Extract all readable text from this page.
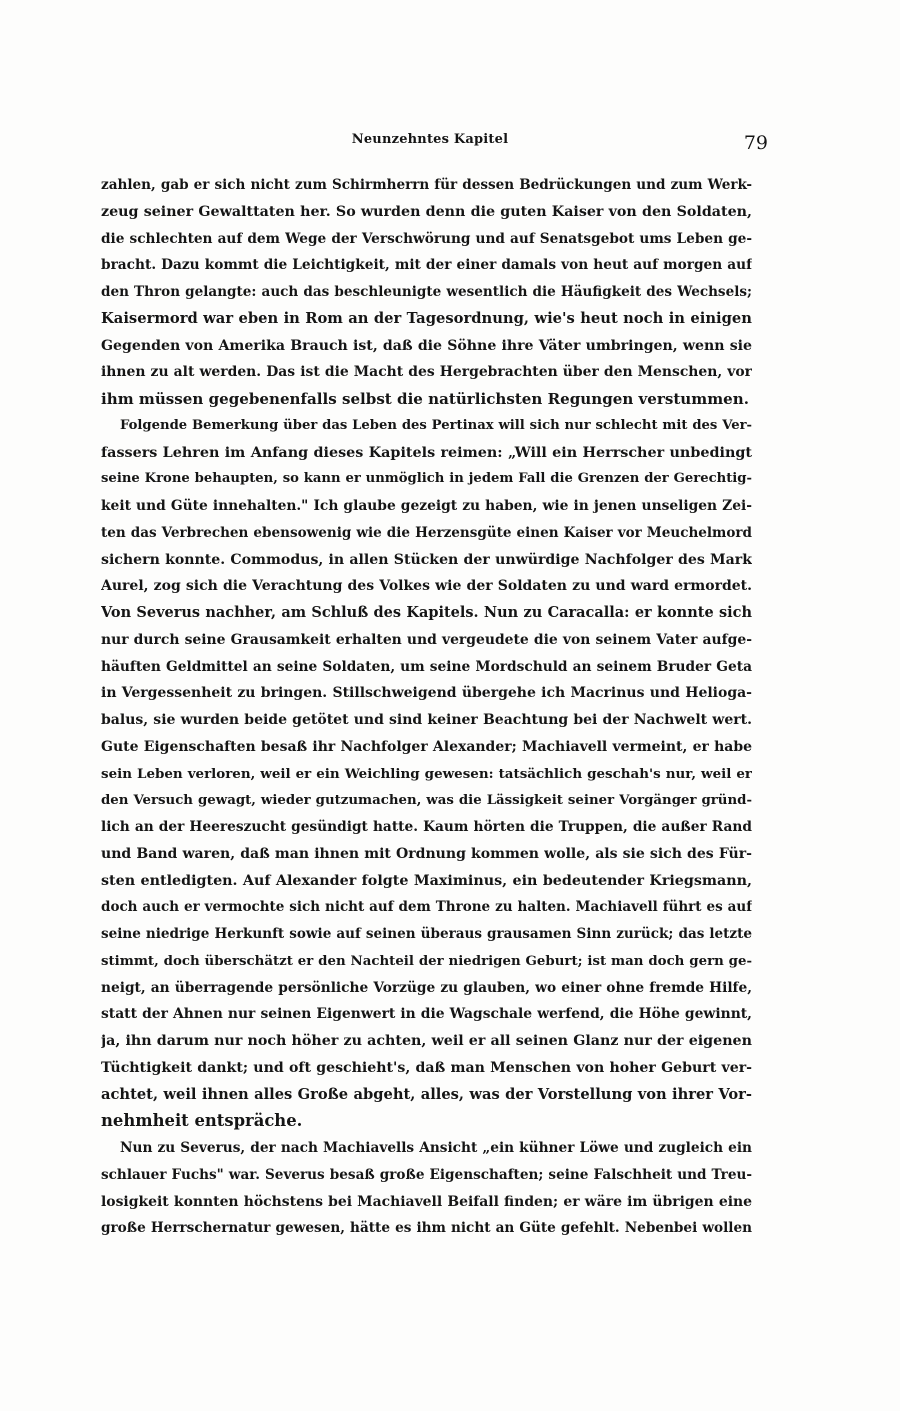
Neunzehntes Kapitel	79
zahlen, gab er sich nicht zum Schirmherrn für dessen Bedrückungen und zum Werk-
zeug seiner Gewalttaten her. So wurden denn die guten Kaiser von den Soldaten,
die schlechten auf dem Wege der Verschwörung und auf Senatsgebot ums Leben ge-
bracht. Dazu kommt die Leichtigkeit, mit der einer damals von heut auf morgen auf
den Thron gelangte: auch das beschleunigte wesentlich die Häufigkeit des Wechsels;
Kaisermord war eben in Rom an der Tagesordnung, wie's heut noch in einigen
Gegenden von Amerika Brauch ist, daß die Söhne ihre Väter umbringen, wenn sie
ihnen zu alt werden. Das ist die Macht des Hergebrachten über den Menschen, vor
ihm müssen gegebenenfalls selbst die natürlichsten Regungen verstummen.
Folgende Bemerkung über das Leben des Pertinax will sich nur schlecht mit des Ver-
fassers Lehren im Anfang dieses Kapitels reimen: „Will ein Herrscher unbedingt
seine Krone behaupten, so kann er unmöglich in jedem Fall die Grenzen der Gerechtig-
keit und Güte innehalten." Ich glaube gezeigt zu haben, wie in jenen unseligen Zei-
ten das Verbrechen ebensowenig wie die Herzensgüte einen Kaiser vor Meuchelmord
sichern konnte. Commodus, in allen Stücken der unwürdige Nachfolger des Mark
Aurel, zog sich die Verachtung des Volkes wie der Soldaten zu und ward ermordet.
Von Severus nachher, am Schluß des Kapitels. Nun zu Caracalla: er konnte sich
nur durch seine Grausamkeit erhalten und vergeudete die von seinem Vater aufge-
häuften Geldmittel an seine Soldaten, um seine Mordschuld an seinem Bruder Geta
in Vergessenheit zu bringen. Stillschweigend übergehe ich Macrinus und Helioga-
balus, sie wurden beide getötet und sind keiner Beachtung bei der Nachwelt wert.
Gute Eigenschaften besaß ihr Nachfolger Alexander; Machiavell vermeint, er habe
sein Leben verloren, weil er ein Weichling gewesen: tatsächlich geschah's nur, weil er
den Versuch gewagt, wieder gutzumachen, was die Lässigkeit seiner Vorgänger gründ-
lich an der Heereszucht gesündigt hatte. Kaum hörten die Truppen, die außer Rand
und Band waren, daß man ihnen mit Ordnung kommen wolle, als sie sich des Für-
sten entledigten. Auf Alexander folgte Maximinus, ein bedeutender Kriegsmann,
doch auch er vermochte sich nicht auf dem Throne zu halten. Machiavell führt es auf
seine niedrige Herkunft sowie auf seinen überaus grausamen Sinn zurück; das letzte
stimmt, doch überschätzt er den Nachteil der niedrigen Geburt; ist man doch gern ge-
neigt, an überragende persönliche Vorzüge zu glauben, wo einer ohne fremde Hilfe,
statt der Ahnen nur seinen Eigenwert in die Wagschale werfend, die Höhe gewinnt,
ja, ihn darum nur noch höher zu achten, weil er all seinen Glanz nur der eigenen
Tüchtigkeit dankt; und oft geschieht's, daß man Menschen von hoher Geburt ver-
achtet, weil ihnen alles Große abgeht, alles, was der Vorstellung von ihrer Vor-
nehmheit entspräche.
Nun zu Severus, der nach Machiavells Ansicht „ein kühner Löwe und zugleich ein
schlauer Fuchs" war. Severus besaß große Eigenschaften; seine Falschheit und Treu-
losigkeit konnten höchstens bei Machiavell Beifall finden; er wäre im übrigen eine
große Herrschernatur gewesen, hätte es ihm nicht an Güte gefehlt. Nebenbei wollen
